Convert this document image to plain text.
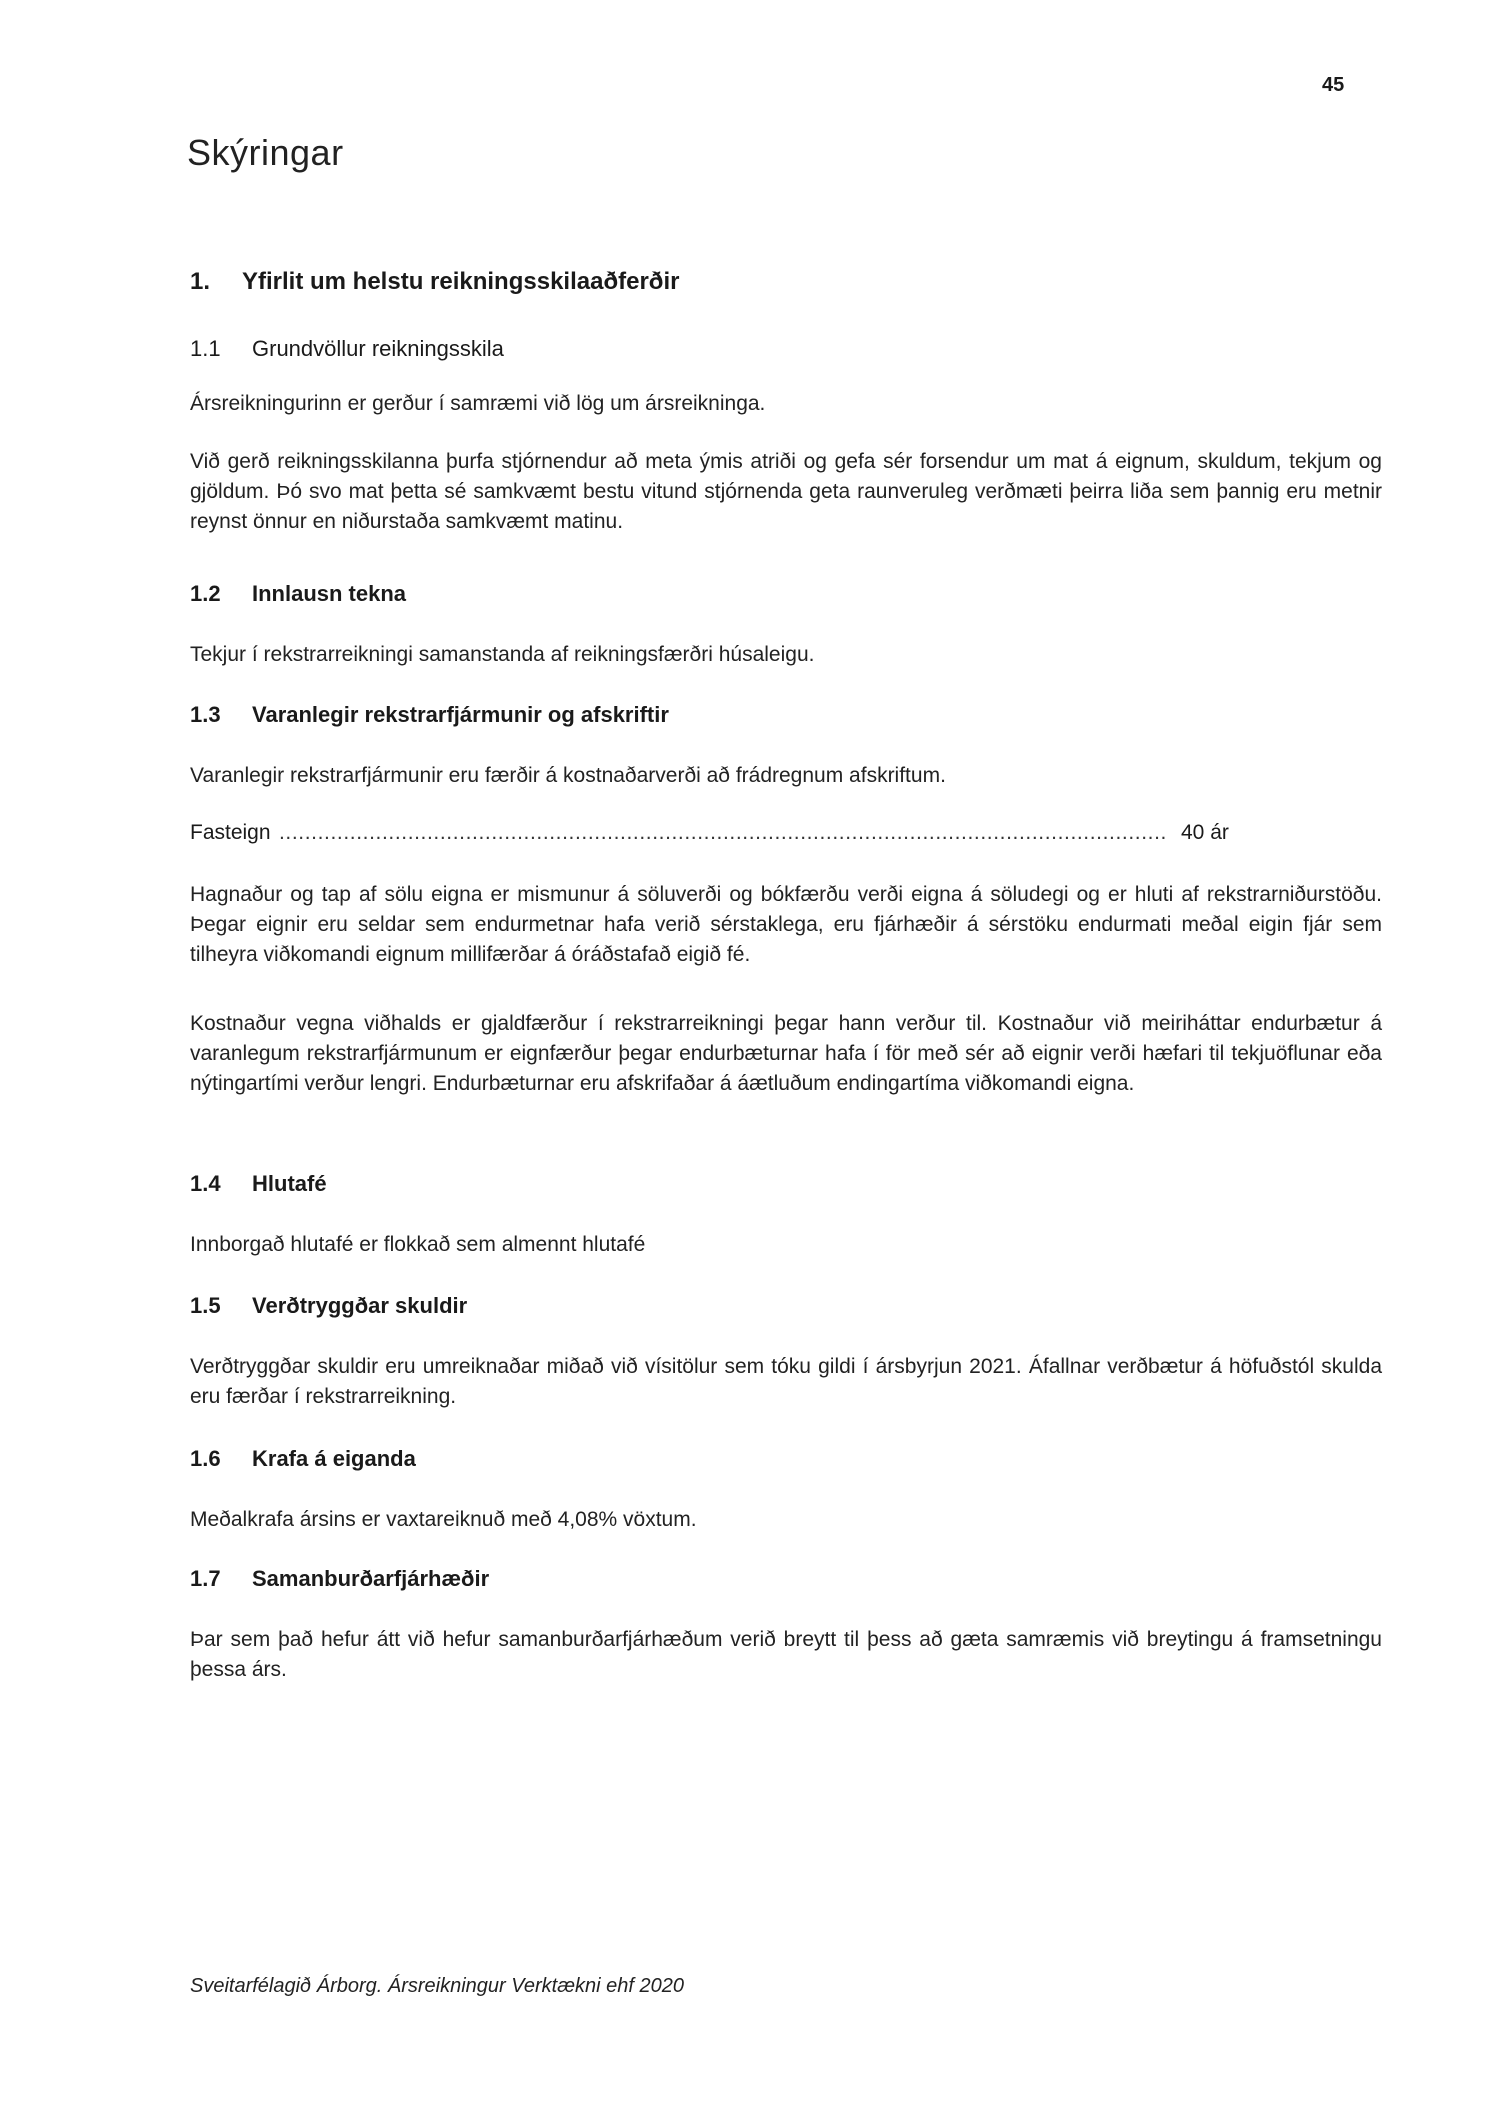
45
Skýringar
1. Yfirlit um helstu reikningsskilaaðferðir
1.1 Grundvöllur reikningsskila
Ársreikningurinn er gerður í samræmi við lög um ársreikninga.
Við gerð reikningsskilanna þurfa stjórnendur að meta ýmis atriði og gefa sér forsendur um mat á eignum, skuldum, tekjum og gjöldum. Þó svo mat þetta sé samkvæmt bestu vitund stjórnenda geta raunveruleg verðmæti þeirra liða sem þannig eru metnir reynst önnur en niðurstaða samkvæmt matinu.
1.2 Innlausn tekna
Tekjur í rekstrarreikningi samanstanda af reikningsfærðri húsaleigu.
1.3 Varanlegir rekstrarfjármunir og afskriftir
Varanlegir rekstrarfjármunir eru færðir á kostnaðarverði að frádregnum afskriftum.
Fasteign .......................................................................................................................................... 40 ár
Hagnaður og tap af sölu eigna er mismunur á söluverði og bókfærðu verði eigna á söludegi og er hluti af rekstrarniðurstöðu. Þegar eignir eru seldar sem endurmetnar hafa verið sérstaklega, eru fjárhæðir á sérstöku endurmati meðal eigin fjár sem tilheyra viðkomandi eignum millifærðar á óráðstafað eigið fé.
Kostnaður vegna viðhalds er gjaldfærður í rekstrarreikningi þegar hann verður til. Kostnaður við meiriháttar endurbætur á varanlegum rekstrarfjármunum er eignfærður þegar endurbæturnar hafa í för með sér að eignir verði hæfari til tekjuöflunar eða nýtingartími verður lengri. Endurbæturnar eru afskrifaðar á áætluðum endingartíma viðkomandi eigna.
1.4 Hlutafé
Innborgað hlutafé er flokkað sem almennt hlutafé
1.5 Verðtryggðar skuldir
Verðtryggðar skuldir eru umreiknaðar miðað við vísitölur sem tóku gildi í ársbyrjun 2021. Áfallnar verðbætur á höfuðstól skulda eru færðar í rekstrarreikning.
1.6 Krafa á eiganda
Meðalkrafa ársins er vaxtareiknuð með 4,08% vöxtum.
1.7 Samanburðarfjárhæðir
Þar sem það hefur átt við hefur samanburðarfjárhæðum verið breytt til þess að gæta samræmis við breytingu á framsetningu þessa árs.
Sveitarfélagið Árborg. Ársreikningur Verktækni ehf 2020
